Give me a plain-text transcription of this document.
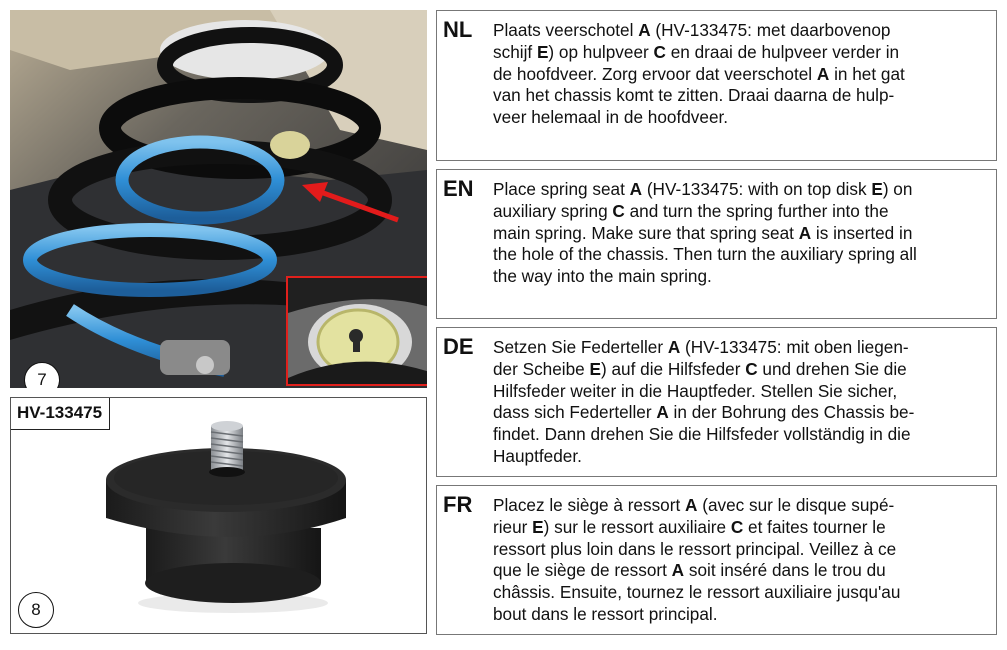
7
HV-133475
8
NL Plaats veerschotel A (HV-133475: met daarbovenop
schijf E) op hulpveer C en draai de hulpveer verder in
de hoofdveer. Zorg ervoor dat veerschotel A in het gat
van het chassis komt te zitten. Draai daarna de hulp-
veer helemaal in de hoofdveer.
EN Place spring seat A (HV-133475: with on top disk E) on
auxiliary spring C and turn the spring further into the
main spring. Make sure that spring seat A is inserted in
the hole of the chassis. Then turn the auxiliary spring all
the way into the main spring.
DE Setzen Sie Federteller A (HV-133475: mit oben liegen-
der Scheibe E) auf die Hilfsfeder C und drehen Sie die
Hilfsfeder weiter in die Hauptfeder. Stellen Sie sicher,
dass sich Federteller A in der Bohrung des Chassis be-
findet. Dann drehen Sie die Hilfsfeder vollständig in die
Hauptfeder.
FR Placez le siège à ressort A (avec sur le disque supé-
rieur E) sur le ressort auxiliaire C et faites tourner le
ressort plus loin dans le ressort principal. Veillez à ce
que le siège de ressort A soit inséré dans le trou du
châssis. Ensuite, tournez le ressort auxiliaire jusqu'au
bout dans le ressort principal.
